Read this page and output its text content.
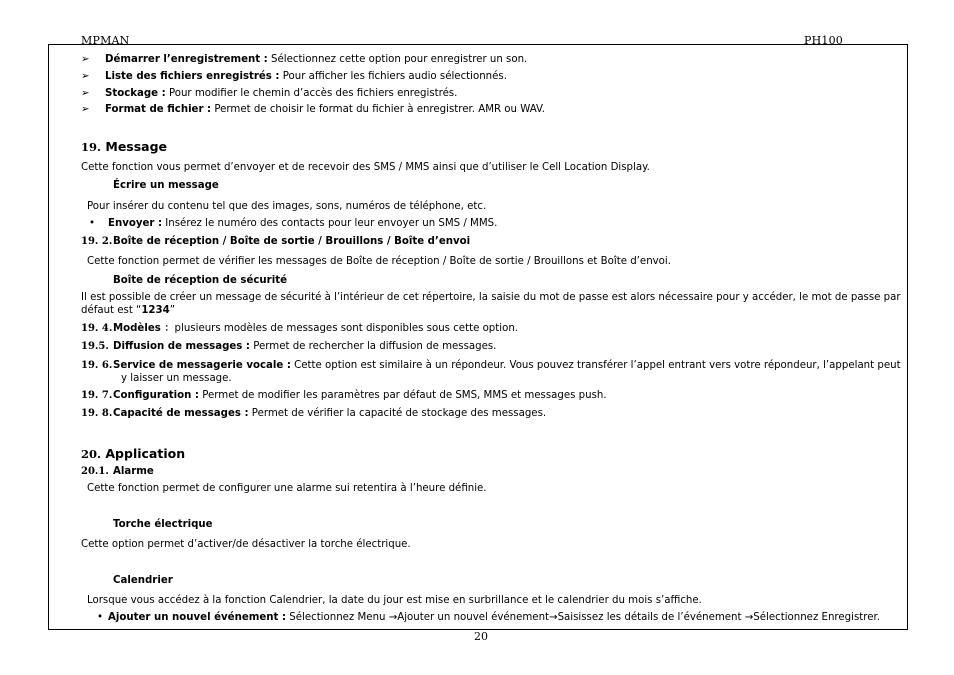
MPMAN	PH100
➢ Démarrer l’enregistrement : Sélectionnez cette option pour enregistrer un son.
➢ Liste des fichiers enregistrés : Pour afficher les fichiers audio sélectionnés.
➢ Stockage : Pour modifier le chemin d’accès des fichiers enregistrés.
➢ Format de fichier : Permet de choisir le format du fichier à enregistrer. AMR ou WAV.
19. Message
Cette fonction vous permet d’envoyer et de recevoir des SMS / MMS ainsi que d’utiliser le Cell Location Display.
Écrire un message
Pour insérer du contenu tel que des images, sons, numéros de téléphone, etc.
• Envoyer : Insérez le numéro des contacts pour leur envoyer un SMS / MMS.
19. 2.Boîte de réception / Boîte de sortie / Brouillons / Boîte d’envoi
Cette fonction permet de vérifier les messages de Boîte de réception / Boîte de sortie / Brouillons et Boîte d’envoi.
Boîte de réception de sécurité
Il est possible de créer un message de sécurité à l’intérieur de cet répertoire, la saisie du mot de passe est alors nécessaire pour y accéder, le mot de passe par
défaut est “1234”
19. 4.Modèles ：plusieurs modèles de messages sont disponibles sous cette option.
19.5. Diffusion de messages : Permet de rechercher la diffusion de messages.
19. 6.Service de messagerie vocale : Cette option est similaire à un répondeur. Vous pouvez transférer l’appel entrant vers votre répondeur, l’appelant peut
y laisser un message.
19. 7.Configuration : Permet de modifier les paramètres par défaut de SMS, MMS et messages push.
19. 8.Capacité de messages : Permet de vérifier la capacité de stockage des messages.
20. Application
20.1. Alarme
Cette fonction permet de configurer une alarme sui retentira à l’heure définie.
Torche électrique
Cette option permet d’activer/de désactiver la torche électrique.
Calendrier
Lorsque vous accédez à la fonction Calendrier, la date du jour est mise en surbrillance et le calendrier du mois s’affiche.
• Ajouter un nouvel événement : Sélectionnez Menu →Ajouter un nouvel événement→Saisissez les détails de l’événement →Sélectionnez Enregistrer.
20
